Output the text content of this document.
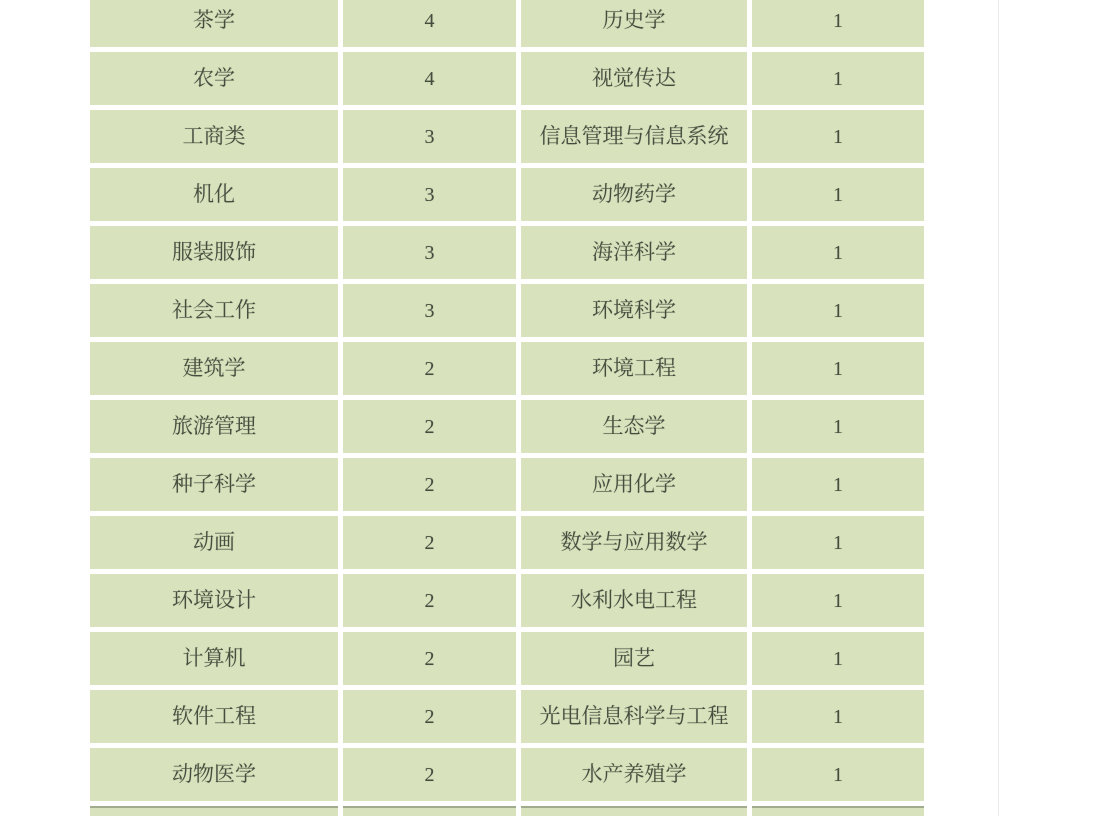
茶学	4	历史学	1
农学	4	视觉传达	1
工商类	3	信息管理与信息系统	1
机化	3	动物药学	1
服装服饰	3	海洋科学	1
社会工作	3	环境科学	1
建筑学	2	环境工程	1
旅游管理	2	生态学	1
种子科学	2	应用化学	1
动画	2	数学与应用数学	1
环境设计	2	水利水电工程	1
计算机	2	园艺	1
软件工程	2	光电信息科学与工程	1
动物医学	2	水产养殖学	1
